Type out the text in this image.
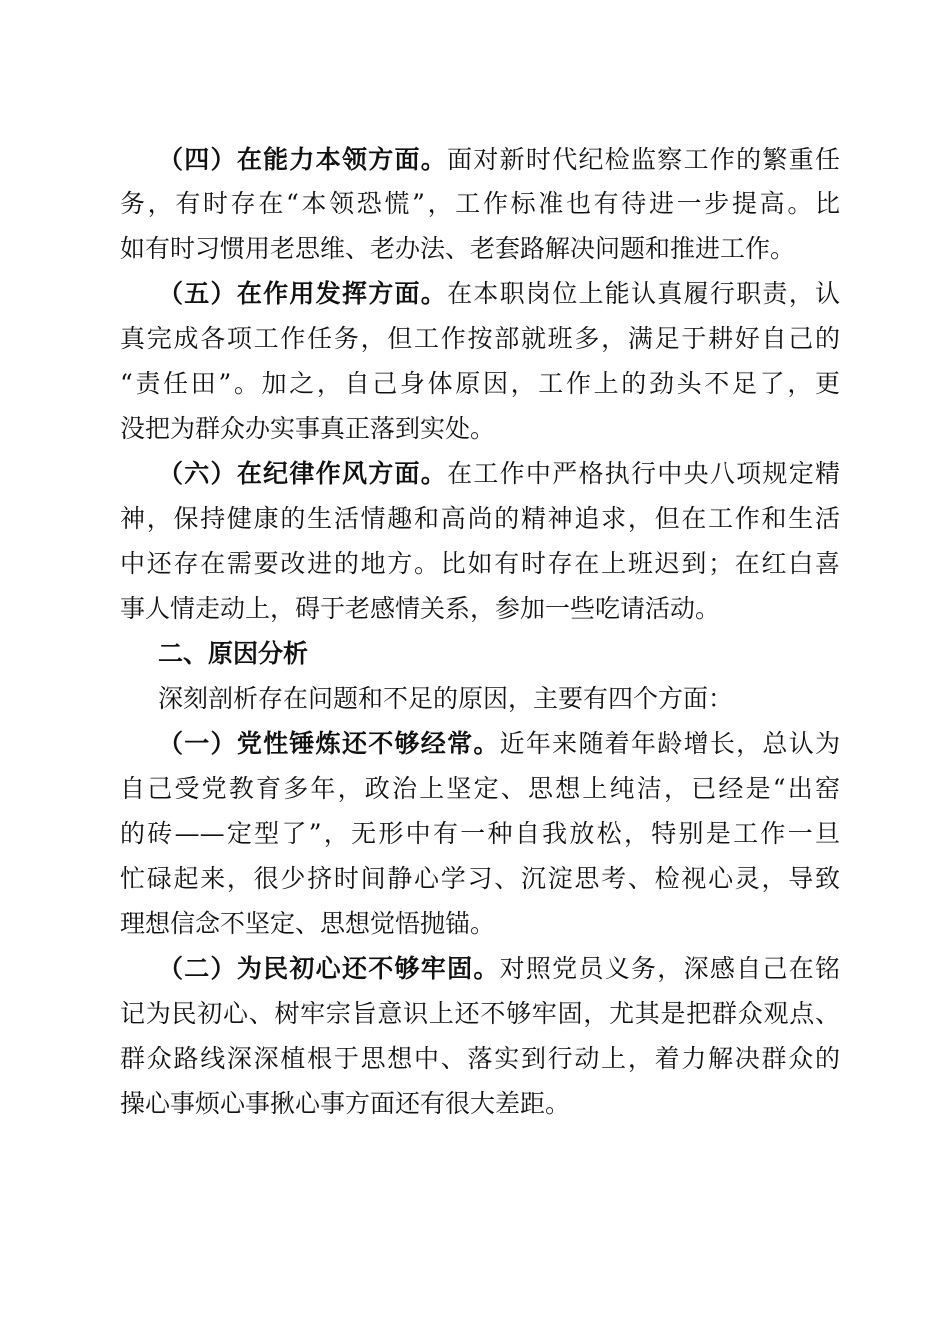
（四）在能力本领方面。面对新时代纪检监察工作的繁重任
务，有时存在“本领恐慌”，工作标准也有待进一步提高。比
如有时习惯用老思维、老办法、老套路解决问题和推进工作。
（五）在作用发挥方面。在本职岗位上能认真履行职责，认
真完成各项工作任务，但工作按部就班多，满足于耕好自己的
“责任田”。加之，自己身体原因，工作上的劲头不足了，更
没把为群众办实事真正落到实处。
（六）在纪律作风方面。在工作中严格执行中央八项规定精
神，保持健康的生活情趣和高尚的精神追求，但在工作和生活
中还存在需要改进的地方。比如有时存在上班迟到；在红白喜
事人情走动上，碍于老感情关系，参加一些吃请活动。
二、原因分析
深刻剖析存在问题和不足的原因，主要有四个方面：
（一）党性锤炼还不够经常。近年来随着年龄增长，总认为
自己受党教育多年，政治上坚定、思想上纯洁，已经是“出窑
的砖——定型了”，无形中有一种自我放松，特别是工作一旦
忙碌起来，很少挤时间静心学习、沉淀思考、检视心灵，导致
理想信念不坚定、思想觉悟抛锚。
（二）为民初心还不够牢固。对照党员义务，深感自己在铭
记为民初心、树牢宗旨意识上还不够牢固，尤其是把群众观点、
群众路线深深植根于思想中、落实到行动上，着力解决群众的
操心事烦心事揪心事方面还有很大差距。
